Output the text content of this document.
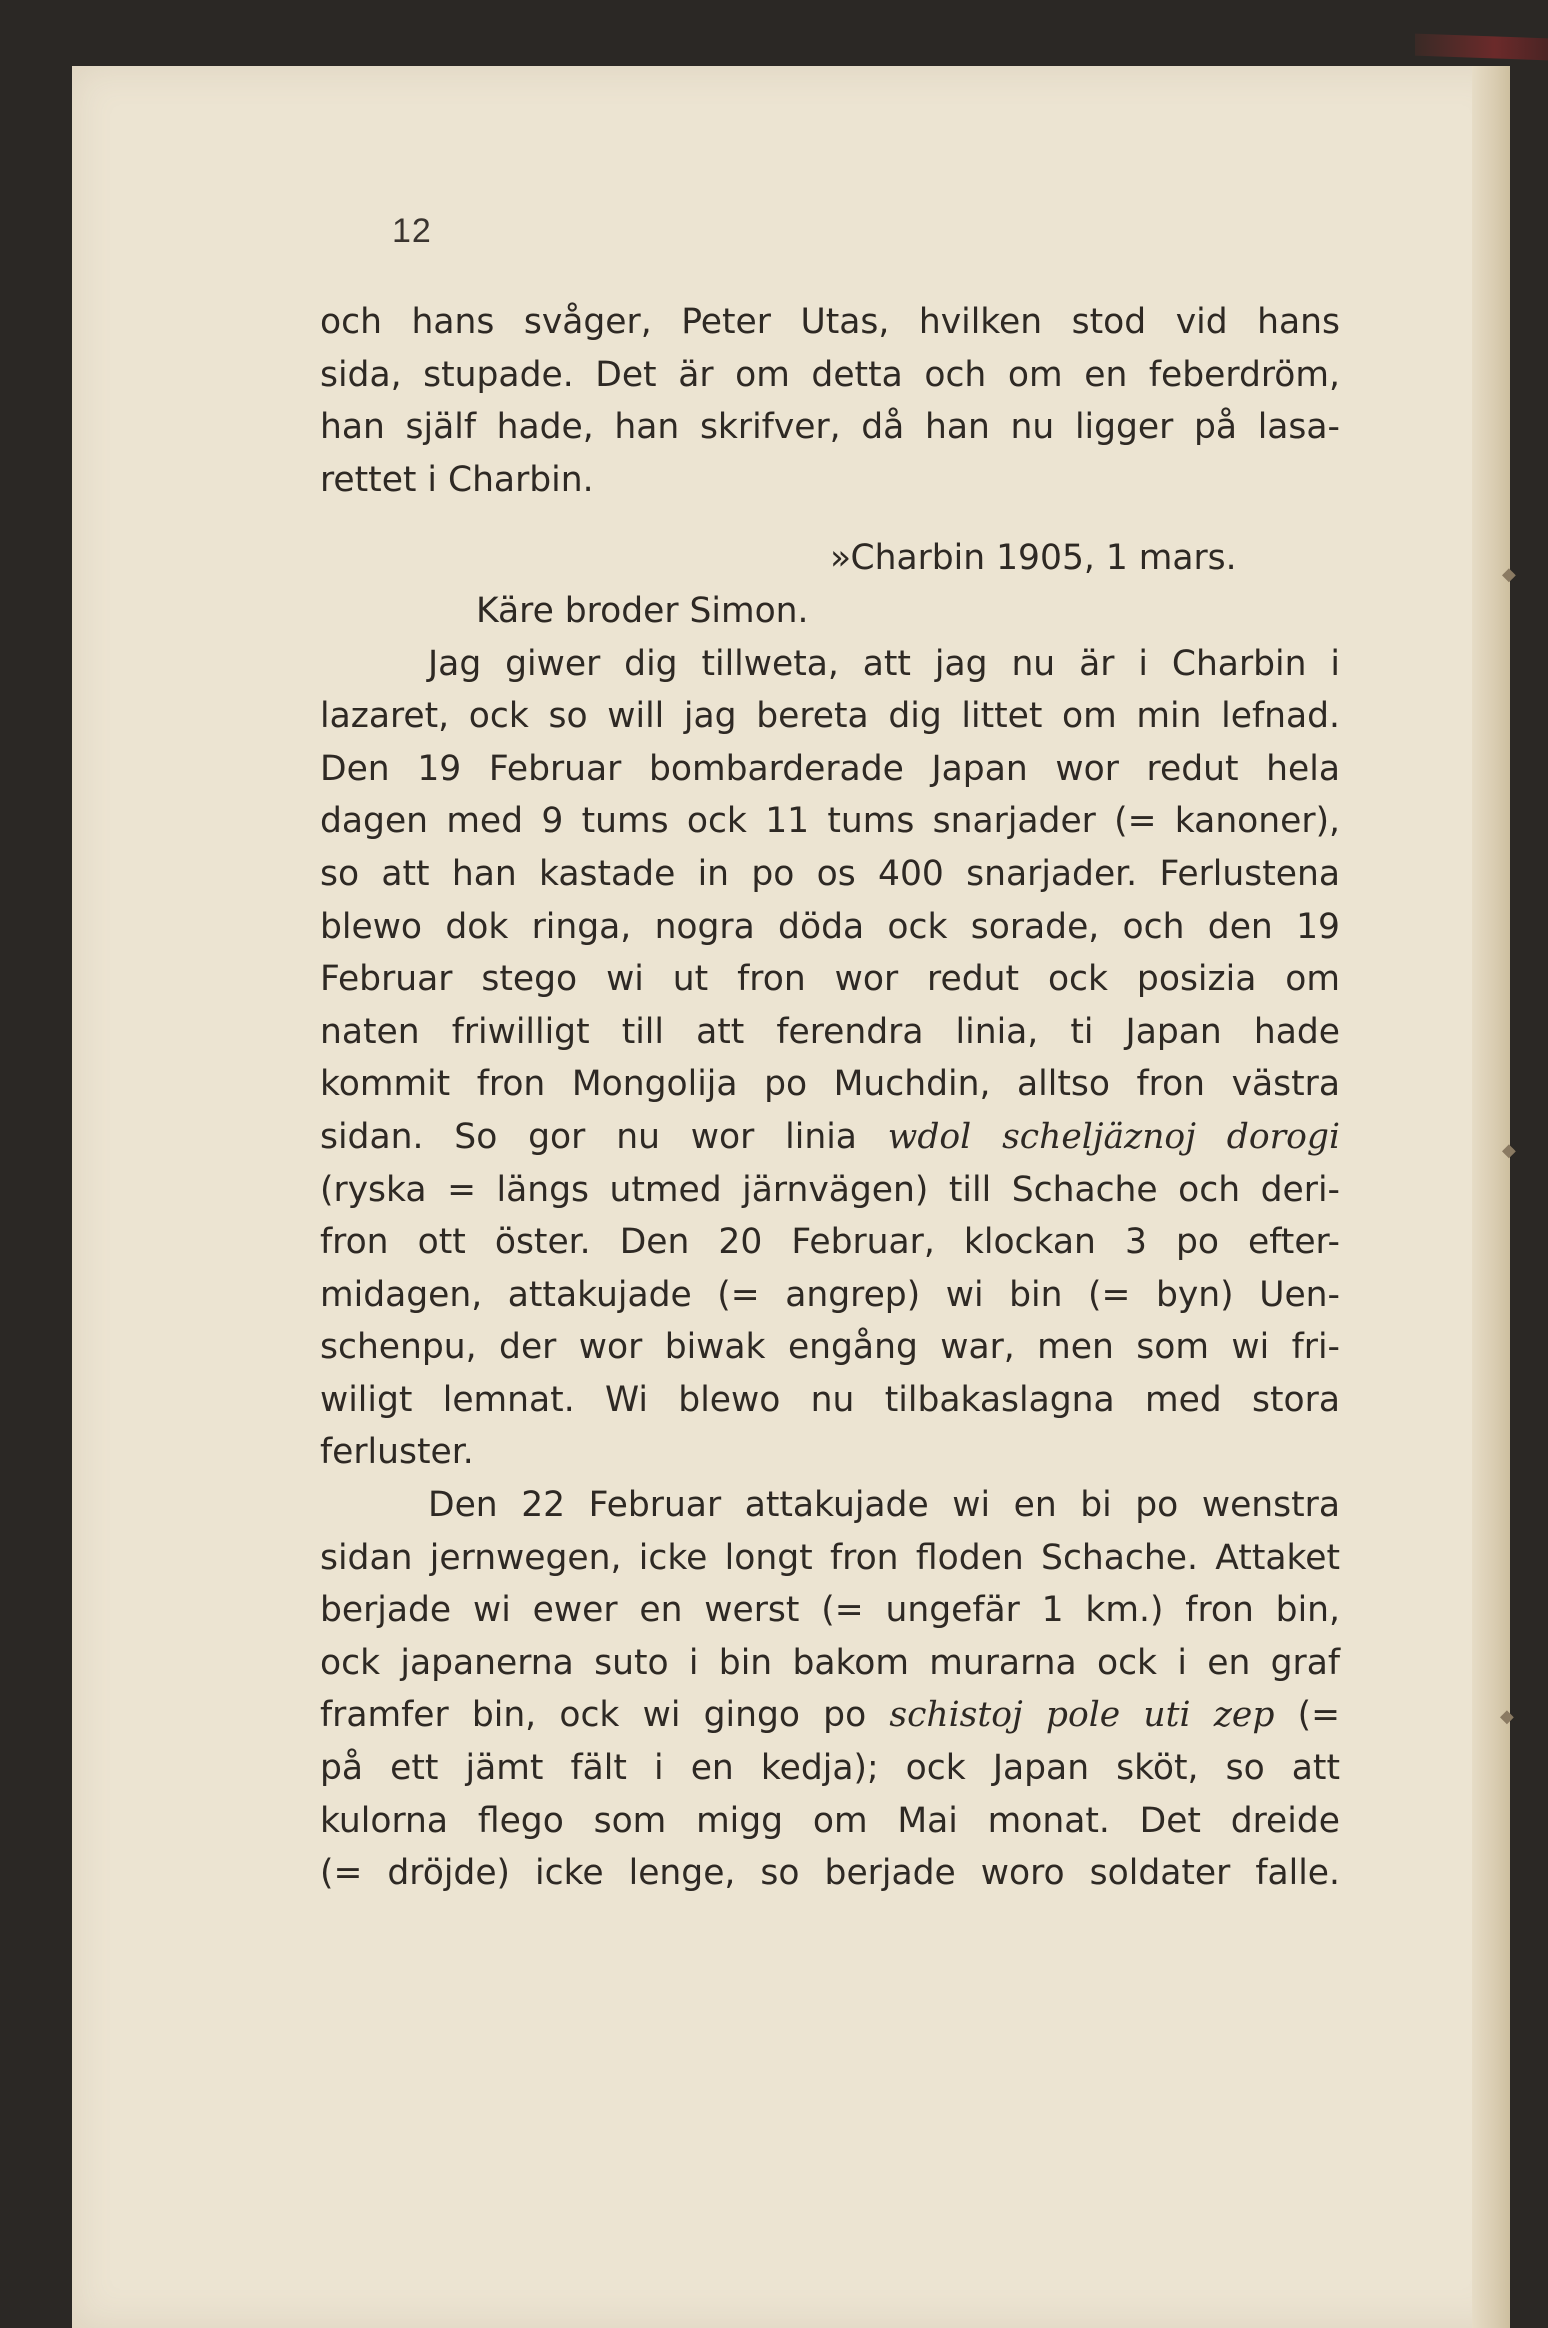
12
◆
◆
◆
och hans svåger, Peter Utas, hvilken stod vid hans
sida, stupade. Det är om detta och om en feberdröm,
han själf hade, han skrifver, då han nu ligger på lasa-
rettet i Charbin.
»Charbin 1905, 1 mars.
Käre broder Simon.
Jag giwer dig tillweta, att jag nu är i Charbin i
lazaret, ock so will jag bereta dig littet om min lefnad.
Den 19 Februar bombarderade Japan wor redut hela
dagen med 9 tums ock 11 tums snarjader (= kanoner),
so att han kastade in po os 400 snarjader. Ferlustena
blewo dok ringa, nogra döda ock sorade, och den 19
Februar stego wi ut fron wor redut ock posizia om
naten friwilligt till att ferendra linia, ti Japan hade
kommit fron Mongolija po Muchdin, alltso fron västra
sidan. So gor nu wor linia wdol scheljäznoj dorogi
(ryska = längs utmed järnvägen) till Schache och deri-
fron ott öster. Den 20 Februar, klockan 3 po efter-
midagen, attakujade (= angrep) wi bin (= byn) Uen-
schenpu, der wor biwak engång war, men som wi fri-
wiligt lemnat. Wi blewo nu tilbakaslagna med stora
ferluster.
Den 22 Februar attakujade wi en bi po wenstra
sidan jernwegen, icke longt fron floden Schache. Attaket
berjade wi ewer en werst (= ungefär 1 km.) fron bin,
ock japanerna suto i bin bakom murarna ock i en graf
framfer bin, ock wi gingo po schistoj pole uti zep (=
på ett jämt fält i en kedja); ock Japan sköt, so att
kulorna flego som migg om Mai monat. Det dreide
(= dröjde) icke lenge, so berjade woro soldater falle.
